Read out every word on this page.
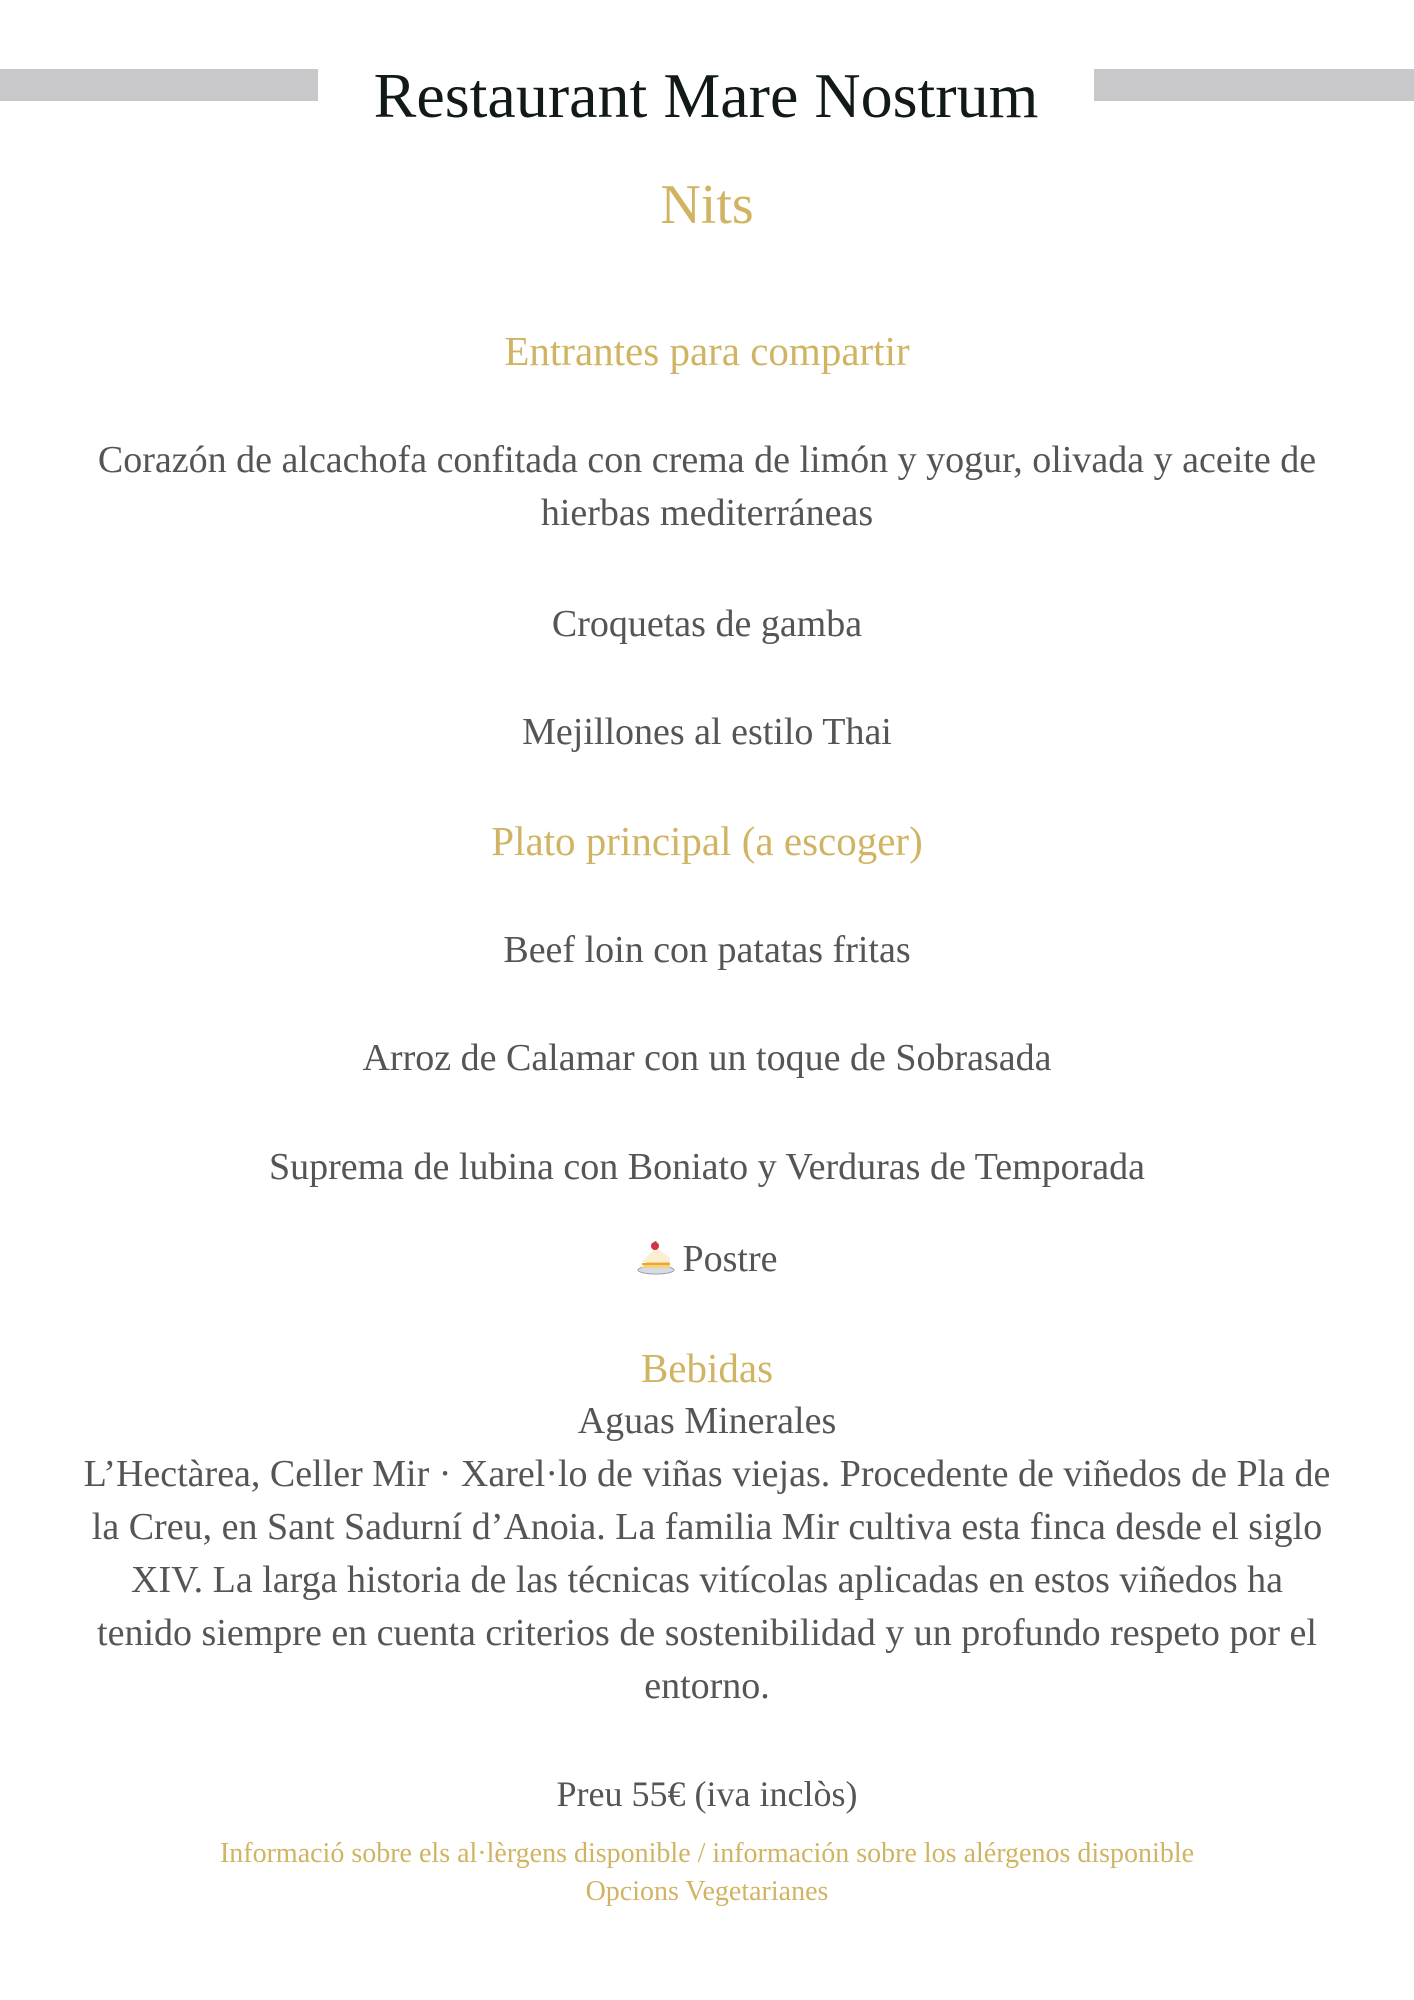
Restaurant Mare Nostrum
Nits

Entrantes para compartir

Corazón de alcachofa confitada con crema de limón y yogur, olivada y aceite de hierbas mediterráneas

Croquetas de gamba

Mejillones al estilo Thai

Plato principal (a escoger)

Beef loin con patatas fritas

Arroz de Calamar con un toque de Sobrasada

Suprema de lubina con Boniato y Verduras de Temporada

Postre

Bebidas

Aguas Minerales

L’Hectàrea, Celler Mir · Xarel·lo de viñas viejas. Procedente de viñedos de Pla de la Creu, en Sant Sadurní d’Anoia. La familia Mir cultiva esta finca desde el siglo XIV. La larga historia de las técnicas vitícolas aplicadas en estos viñedos ha tenido siempre en cuenta criterios de sostenibilidad y un profundo respeto por el entorno.

Preu 55€ (iva inclòs)

Informació sobre els al·lèrgens disponible / información sobre los alérgenos disponible

Opcions Vegetarianes
